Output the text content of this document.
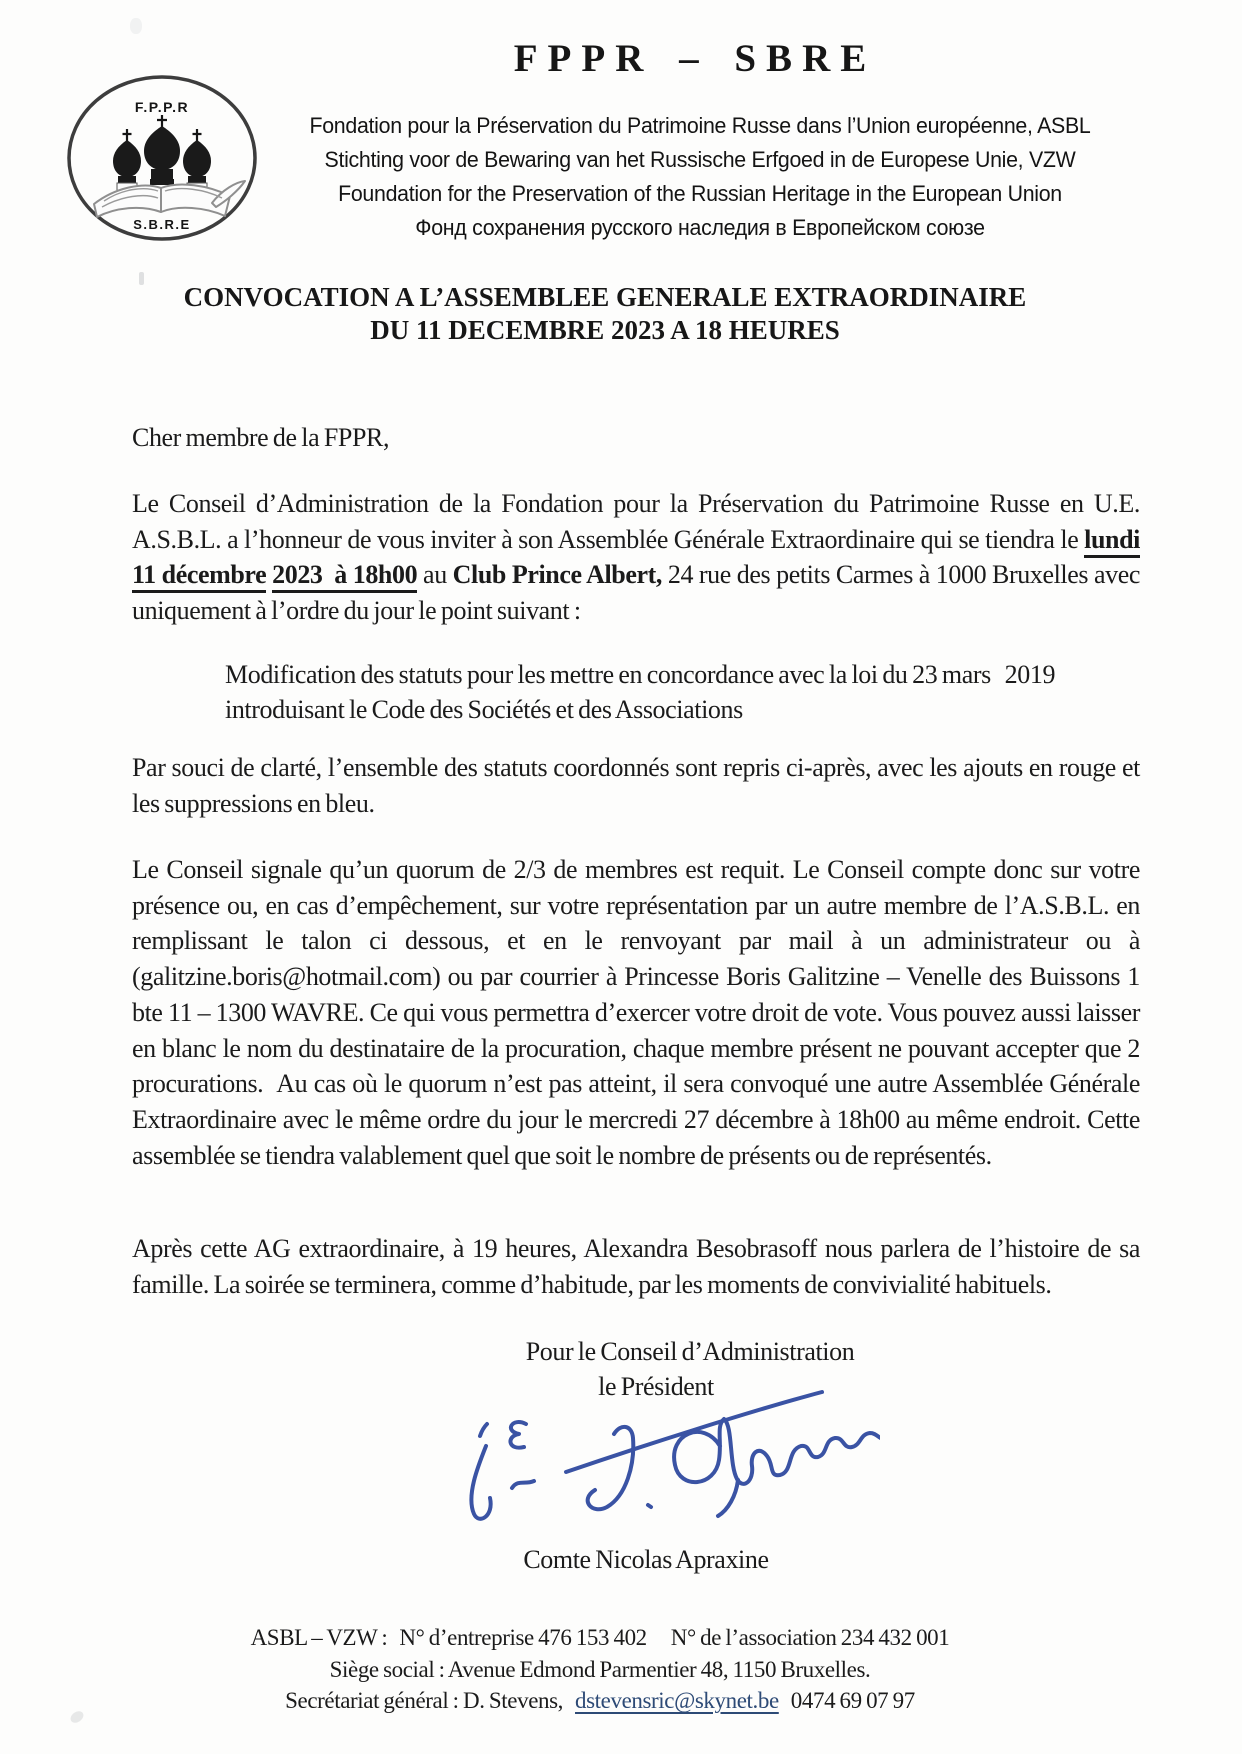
FPPR – SBRE
F.P.P.R
S.B.R.E
Fondation pour la Préservation du Patrimoine Russe dans l’Union européenne, ASBL
Stichting voor de Bewaring van het Russische Erfgoed in de Europese Unie, VZW
Foundation for the Preservation of the Russian Heritage in the European Union
Фонд сохранения русского наследия в Европейском союзе
CONVOCATION A L’ASSEMBLEE GENERALE EXTRAORDINAIRE
DU 11 DECEMBRE 2023 A 18 HEURES
Cher membre de la FPPR,
Le Conseil d’Administration de la Fondation pour la Préservation du Patrimoine Russe en U.E. A.S.B.L. a l’honneur de vous inviter à son Assemblée Générale Extraordinaire qui se tiendra le lundi 11 décembre 2023  à 18h00 au Club Prince Albert, 24 rue des petits Carmes à 1000 Bruxelles avec uniquement à l’ordre du jour le point suivant :
Modification des statuts pour les mettre en concordance avec la loi du 23 mars   2019
introduisant le Code des Sociétés et des Associations
Par souci de clarté, l’ensemble des statuts coordonnés sont repris ci-après, avec les ajouts en rouge et les suppressions en bleu.
Le Conseil signale qu’un quorum de 2/3 de membres est requit. Le Conseil compte donc sur votre présence ou, en cas d’empêchement, sur votre représentation par un autre membre de l’A.S.B.L. en remplissant le talon ci dessous, et en le renvoyant par mail à un administrateur ou à (galitzine.boris@hotmail.com) ou par courrier à Princesse Boris Galitzine – Venelle des Buissons 1 bte 11 – 1300 WAVRE. Ce qui vous permettra d’exercer votre droit de vote. Vous pouvez aussi laisser en blanc le nom du destinataire de la procuration, chaque membre présent ne pouvant accepter que 2 procurations.  Au cas où le quorum n’est pas atteint, il sera convoqué une autre Assemblée Générale Extraordinaire avec le même ordre du jour le mercredi 27 décembre à 18h00 au même endroit. Cette assemblée se tiendra valablement quel que soit le nombre de présents ou de représentés.
Après cette AG extraordinaire, à 19 heures, Alexandra Besobrasoff nous parlera de l’histoire de sa famille. La soirée se terminera, comme d’habitude, par les moments de convivialité habituels.
Pour le Conseil d’Administration
le Président
Comte Nicolas Apraxine
ASBL – VZW : N° d’entreprise 476 153 402 N° de l’association 234 432 001
Siège social : Avenue Edmond Parmentier 48, 1150 Bruxelles.
Secrétariat général : D. Stevens, dstevensric@skynet.be 0474 69 07 97
